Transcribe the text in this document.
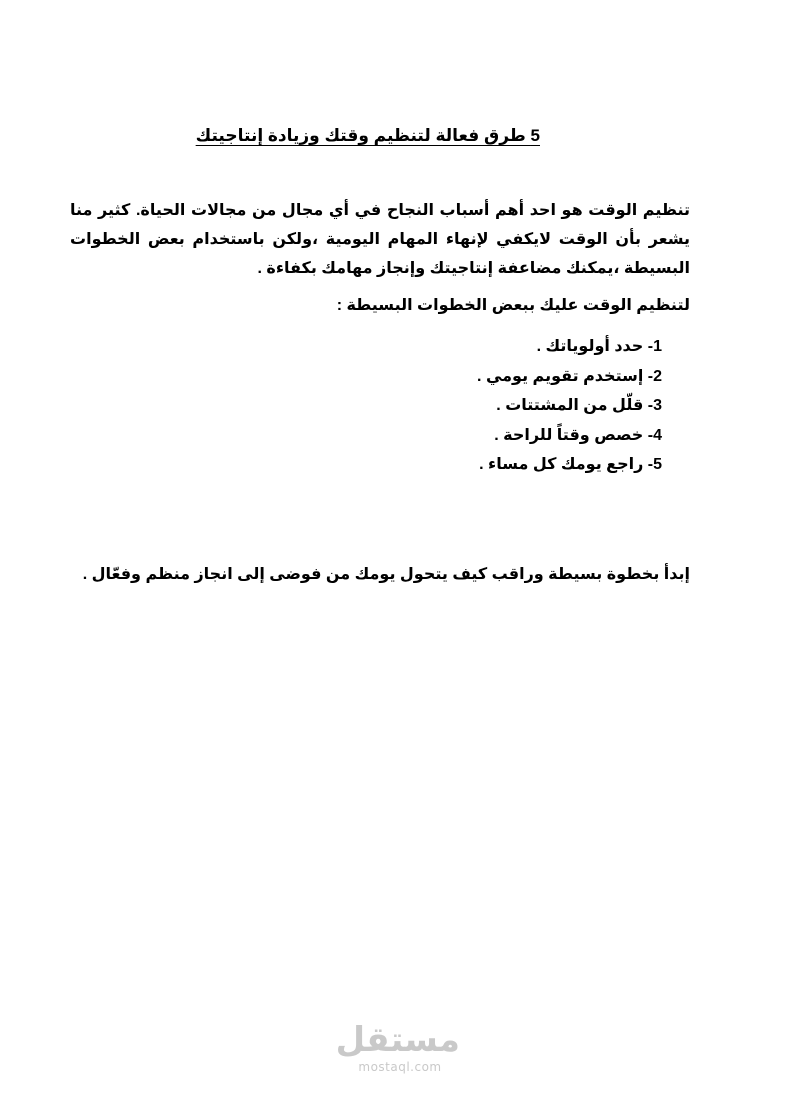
5 طرق فعالة لتنظيم وقتك وزيادة إنتاجيتك
تنظيم الوقت هو احد أهم أسباب النجاح في أي مجال من مجالات الحياة. كثير منا يشعر بأن الوقت لايكفي لإنهاء المهام اليومية ،ولكن باستخدام بعض الخطوات البسيطة ،يمكنك مضاعفة إنتاجيتك وإنجاز مهامك بكفاءة .
لتنظيم الوقت عليك ببعض الخطوات البسيطة :
1- حدد أولوياتك .
2- إستخدم تقويم يومي .
3- قلّل من المشتتات .
4- خصص وقتاً للراحة .
5- راجع يومك كل مساء .
إبدأ بخطوة بسيطة وراقب كيف يتحول يومك من فوضى إلى انجاز منظم وفعّال .
مستقل
mostaql.com
